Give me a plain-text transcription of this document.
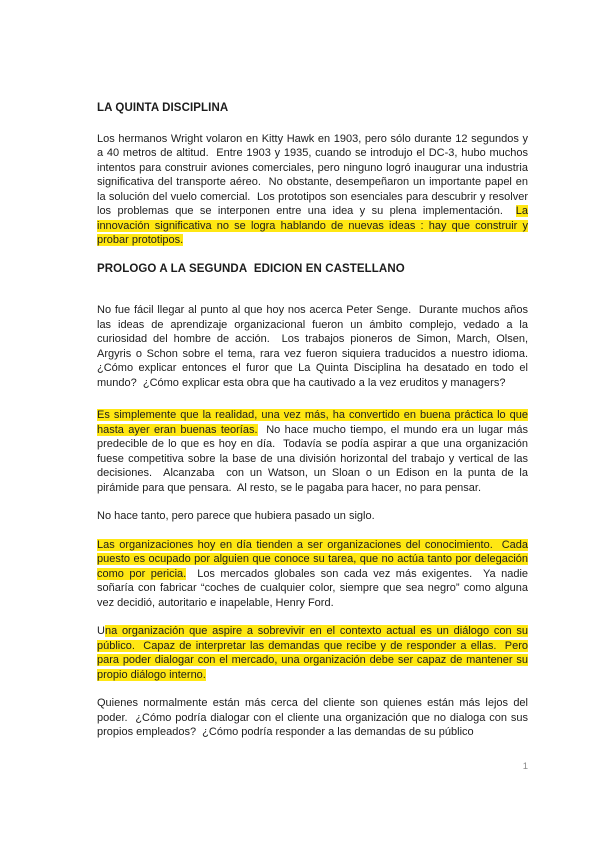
LA QUINTA DISCIPLINA

Los hermanos Wright volaron en Kitty Hawk en 1903, pero sólo durante 12 segundos y a 40 metros de altitud.  Entre 1903 y 1935, cuando se introdujo el DC-3, hubo muchos intentos para construir aviones comerciales, pero ninguno logró inaugurar una industria significativa del transporte aéreo.  No obstante, desempeñaron un importante papel en la solución del vuelo comercial.  Los prototipos son esenciales para descubrir y resolver los problemas que se interponen entre una idea y su plena implementación.  La innovación significativa no se logra hablando de nuevas ideas : hay que construir y probar prototipos.

PROLOGO A LA SEGUNDA  EDICION EN CASTELLANO

No fue fácil llegar al punto al que hoy nos acerca Peter Senge.  Durante muchos años las ideas de aprendizaje organizacional fueron un ámbito complejo, vedado a la curiosidad del hombre de acción.  Los trabajos pioneros de Simon, March, Olsen, Argyris o Schon sobre el tema, rara vez fueron siquiera traducidos a nuestro idioma. ¿Cómo explicar entonces el furor que La Quinta Disciplina ha desatado en todo el mundo?  ¿Cómo explicar esta obra que ha cautivado a la vez eruditos y managers?

Es simplemente que la realidad, una vez más, ha convertido en buena práctica lo que hasta ayer eran buenas teorías.  No hace mucho tiempo, el mundo era un lugar más predecible de lo que es hoy en día.  Todavía se podía aspirar a que una organización fuese competitiva sobre la base de una división horizontal del trabajo y vertical de las decisiones.  Alcanzaba  con un Watson, un Sloan o un Edison en la punta de la pirámide para que pensara.  Al resto, se le pagaba para hacer, no para pensar.

No hace tanto, pero parece que hubiera pasado un siglo.

Las organizaciones hoy en día tienden a ser organizaciones del conocimiento.  Cada puesto es ocupado por alguien que conoce su tarea, que no actúa tanto por delegación como por pericia.  Los mercados globales son cada vez más exigentes.  Ya nadie soñaría con fabricar “coches de cualquier color, siempre que sea negro” como alguna vez decidió, autoritario e inapelable, Henry Ford.

Una organización que aspire a sobrevivir en el contexto actual es un diálogo con su público.  Capaz de interpretar las demandas que recibe y de responder a ellas.  Pero para poder dialogar con el mercado, una organización debe ser capaz de mantener su propio diálogo interno.

Quienes normalmente están más cerca del cliente son quienes están más lejos del poder.  ¿Cómo podría dialogar con el cliente una organización que no dialoga con sus propios empleados?  ¿Cómo podría responder a las demandas de su público

1
